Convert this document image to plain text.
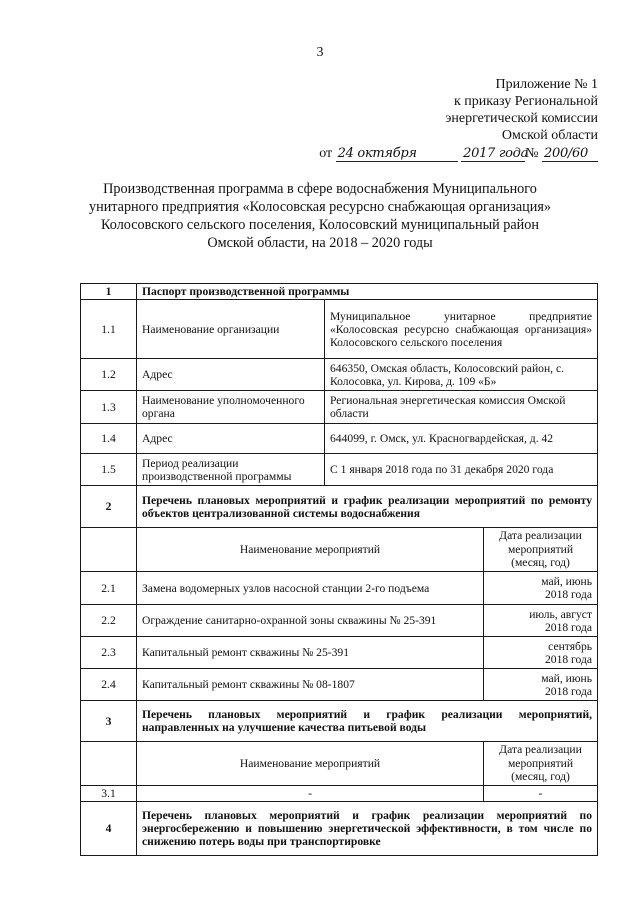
3
Приложение № 1
к приказу Региональной
энергетической комиссии
Омской области
от 24 октября	2017 года№ 200/60
Производственная программа в сфере водоснабжения Муниципального
унитарного предприятия «Колосовская ресурсно снабжающая организация»
Колосовского сельского поселения, Колосовский муниципальный район
Омской области, на 2018 – 2020 годы
1	Паспорт производственной программы		
1.1	Наименование организации	Муниципальное унитарное предприятие «Колосовская ресурсно снабжающая организация» Колосовского сельского поселения	
1.2	Адрес	646350, Омская область, Колосовский район, с. Колосовка, ул. Кирова, д. 109 «Б»	
1.3	Наименование уполномоченного органа	Региональная энергетическая комиссия Омской области	
1.4	Адрес	644099, г. Омск, ул. Красногвардейская, д. 42	
1.5	Период реализации производственной программы	С 1 января 2018 года по 31 декабря 2020 года	
2	Перечень плановых мероприятий и график реализации мероприятий по ремонту объектов централизованной системы водоснабжения		
	Наименование мероприятий		Дата реализации мероприятий (месяц, год)
2.1	Замена водомерных узлов насосной станции 2-го подъема		май, июнь
2018 года

2.2	Ограждение санитарно-охранной зоны скважины № 25-391		июль, август
2018 года

2.3	Капитальный ремонт скважины № 25-391		сентябрь
2018 года

2.4	Капитальный ремонт скважины № 08-1807		май, июнь
2018 года

3	Перечень плановых мероприятий и график реализации мероприятий, направленных на улучшение качества питьевой воды		
	Наименование мероприятий		Дата реализации мероприятий (месяц, год)
3.1	-		-
4	Перечень плановых мероприятий и график реализации мероприятий по энергосбережению и повышению энергетической эффективности, в том числе по снижению потерь воды при транспортировке		
